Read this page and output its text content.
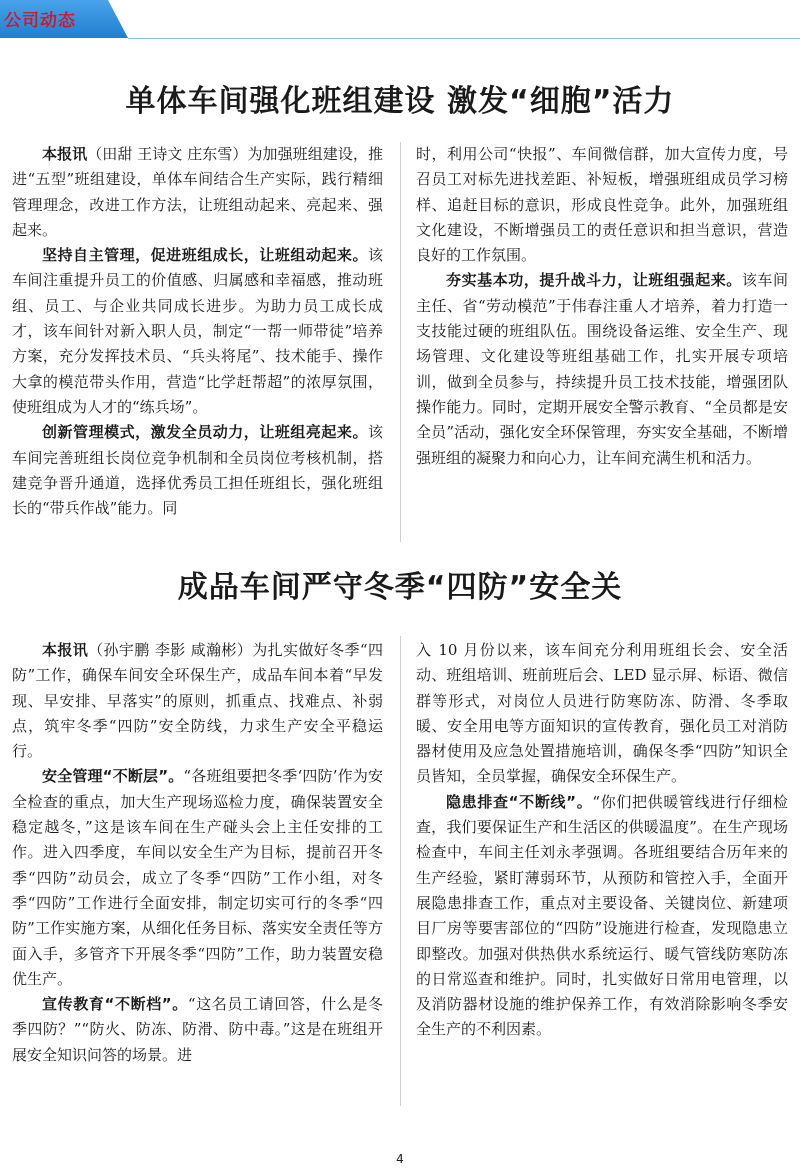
公司动态
单体车间强化班组建设 激发“细胞”活力

本报讯（田甜 王诗文 庄东雪）为加强班组建设，推进“五型”班组建设，单体车间结合生产实际，践行精细管理理念，改进工作方法，让班组动起来、亮起来、强起来。

坚持自主管理，促进班组成长，让班组动起来。该车间注重提升员工的价值感、归属感和幸福感，推动班组、员工、与企业共同成长进步。为助力员工成长成才，该车间针对新入职人员，制定“一帮一师带徒”培养方案，充分发挥技术员、“兵头将尾”、技术能手、操作大拿的模范带头作用，营造“比学赶帮超”的浓厚氛围，使班组成为人才的“练兵场”。

创新管理模式，激发全员动力，让班组亮起来。该车间完善班组长岗位竞争机制和全员岗位考核机制，搭建竞争晋升通道，选择优秀员工担任班组长，强化班组长的“带兵作战”能力。同

时，利用公司“快报”、车间微信群，加大宣传力度，号召员工对标先进找差距、补短板，增强班组成员学习榜样、追赶目标的意识，形成良性竞争。此外，加强班组文化建设，不断增强员工的责任意识和担当意识，营造良好的工作氛围。

夯实基本功，提升战斗力，让班组强起来。该车间主任、省“劳动模范”于伟春注重人才培养，着力打造一支技能过硬的班组队伍。围绕设备运维、安全生产、现场管理、文化建设等班组基础工作，扎实开展专项培训，做到全员参与，持续提升员工技术技能，增强团队操作能力。同时，定期开展安全警示教育、“全员都是安全员”活动，强化安全环保管理，夯实安全基础，不断增强班组的凝聚力和向心力，让车间充满生机和活力。

成品车间严守冬季“四防”安全关

本报讯（孙宇鹏 李影 咸瀚彬）为扎实做好冬季“四防”工作，确保车间安全环保生产，成品车间本着“早发现、早安排、早落实”的原则，抓重点、找难点、补弱点，筑牢冬季“四防”安全防线，力求生产安全平稳运行。

安全管理“不断层”。“各班组要把冬季‘四防’作为安全检查的重点，加大生产现场巡检力度，确保装置安全稳定越冬，”这是该车间在生产碰头会上主任安排的工作。进入四季度，车间以安全生产为目标，提前召开冬季“四防”动员会，成立了冬季“四防”工作小组，对冬季“四防”工作进行全面安排，制定切实可行的冬季“四防”工作实施方案，从细化任务目标、落实安全责任等方面入手，多管齐下开展冬季“四防”工作，助力装置安稳优生产。

宣传教育“不断档”。“这名员工请回答，什么是冬季四防？”“防火、防冻、防滑、防中毒。”这是在班组开展安全知识问答的场景。进

入 10 月份以来，该车间充分利用班组长会、安全活动、班组培训、班前班后会、LED 显示屏、标语、微信群等形式，对岗位人员进行防寒防冻、防滑、冬季取暖、安全用电等方面知识的宣传教育，强化员工对消防器材使用及应急处置措施培训，确保冬季“四防”知识全员皆知，全员掌握，确保安全环保生产。

隐患排查“不断线”。“你们把供暖管线进行仔细检查，我们要保证生产和生活区的供暖温度”。在生产现场检查中，车间主任刘永孝强调。各班组要结合历年来的生产经验，紧盯薄弱环节，从预防和管控入手，全面开展隐患排查工作，重点对主要设备、关键岗位、新建项目厂房等要害部位的“四防”设施进行检查，发现隐患立即整改。加强对供热供水系统运行、暖气管线防寒防冻的日常巡查和维护。同时，扎实做好日常用电管理，以及消防器材设施的维护保养工作，有效消除影响冬季安全生产的不利因素。

4
